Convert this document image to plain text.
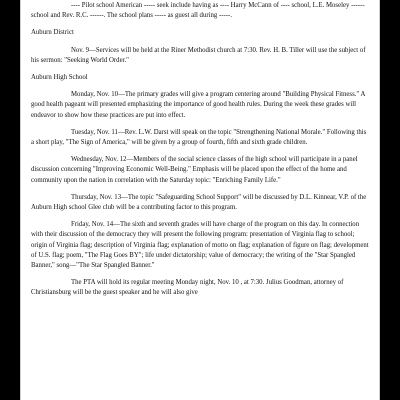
---- Pilot school American ----- seek include having as ---- Harry McCann of ---- school, L.E. Moseley ------ school and Rev. R.C. ------. The school plans ----- as guest all during -----.

Auburn District

Nov. 9—Services will be held at the Riner Methodist church at 7:30. Rev. H. B. Tiller will use the subject of his sermon: "Seeking World Order."

Auburn High School

Monday, Nov. 10—The primary grades will give a program centering around "Building Physical Fitness." A good health pageant will presented emphasizing the importance of good health rules. During the week these grades will endeavor to show how these practices are put into effect.

Tuesday, Nov. 11—Rev. L.W. Darst will speak on the topic "Strengthening National Morale." Following this a short play, "The Sign of America," will be given by a group of fourth, fifth and sixth grade children.

Wednesday, Nov. 12—Members of the social science classes of the high school will participate in a panel discussion concerning "Improving Economic Well-Being." Emphasis will be placed upon the effect of the home and community upon the nation in correlation with the Saturday topic: "Enriching Family Life."

Thursday, Nov. 13—The topic "Safeguarding School Support" will be discussed by D.L. Kinnear, V.P. of the Auburn High school Glee club will be a contributing factor to this program.

Friday, Nov. 14—The sixth and seventh grades will have charge of the program on this day. In connection with their discussion of the democracy they will present the following program: presentation of Virginia flag to school; origin of Virginia flag; description of Virginia flag; explanation of motto on flag; explanation of figure on flag; development of U.S. flag; poem, "The Flag Goes BY"; life under dictatorship; value of democracy; the writing of the "Star Spangled Banner," song—"The Star Spangled Banner."

The PTA will hold its regular meeting Monday night, Nov. 10 , at 7:30. Julius Goodman, attorney of Christiansburg will be the guest speaker and he will also give
